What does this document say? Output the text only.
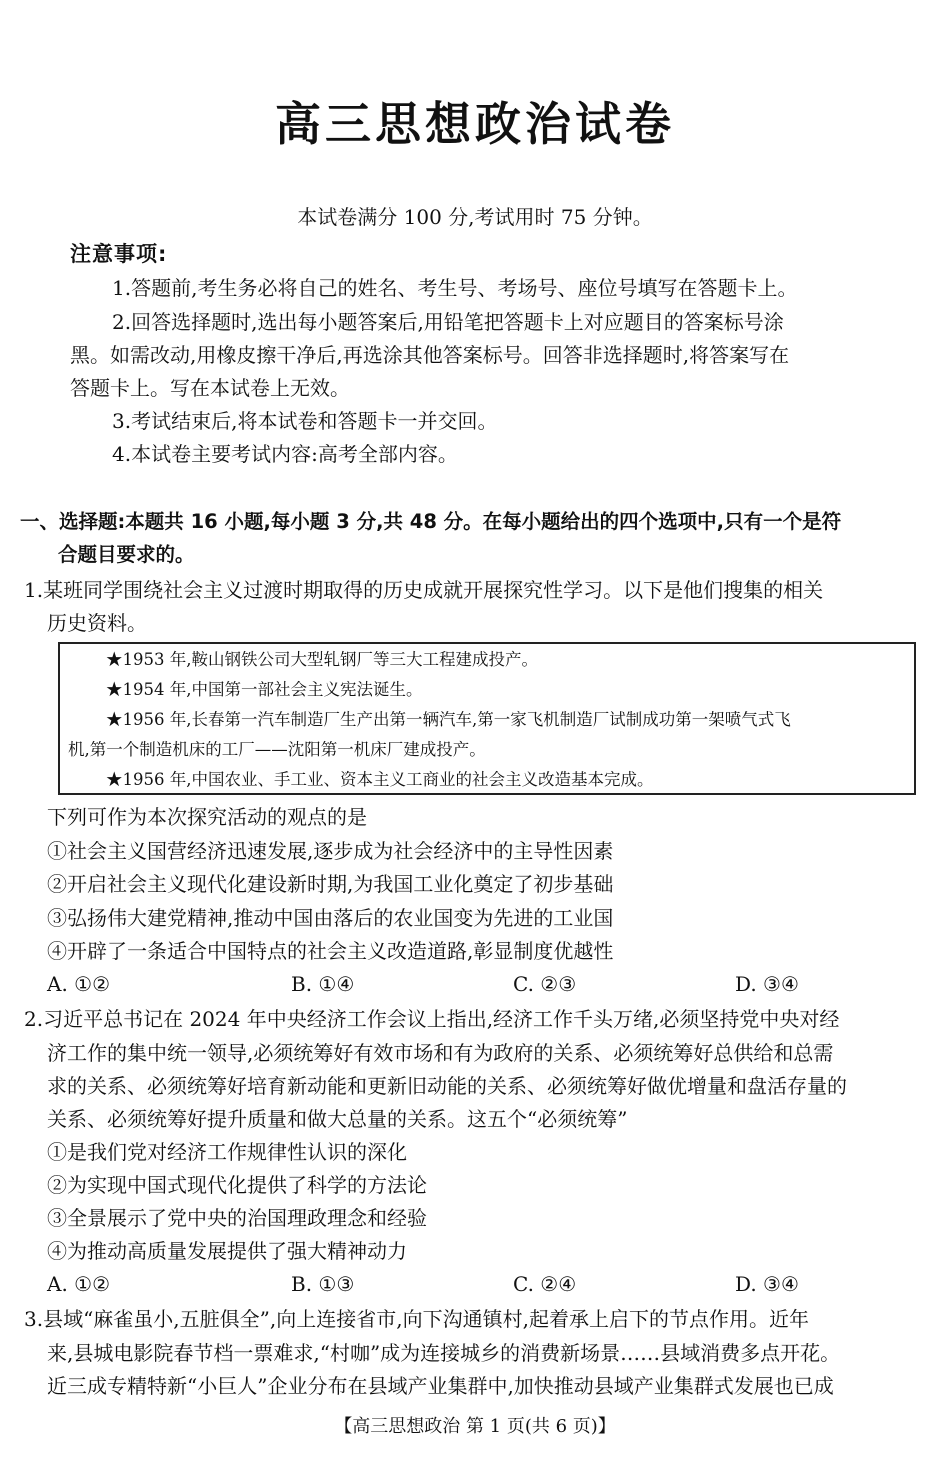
高三思想政治试卷
本试卷满分 100 分,考试用时 75 分钟。
注意事项:
1.答题前,考生务必将自己的姓名、考生号、考场号、座位号填写在答题卡上。
2.回答选择题时,选出每小题答案后,用铅笔把答题卡上对应题目的答案标号涂
黑。如需改动,用橡皮擦干净后,再选涂其他答案标号。回答非选择题时,将答案写在
答题卡上。写在本试卷上无效。
3.考试结束后,将本试卷和答题卡一并交回。
4.本试卷主要考试内容:高考全部内容。
一、选择题:本题共 16 小题,每小题 3 分,共 48 分。在每小题给出的四个选项中,只有一个是符
合题目要求的。
1.某班同学围绕社会主义过渡时期取得的历史成就开展探究性学习。以下是他们搜集的相关
历史资料。
★1953 年,鞍山钢铁公司大型轧钢厂等三大工程建成投产。
★1954 年,中国第一部社会主义宪法诞生。
★1956 年,长春第一汽车制造厂生产出第一辆汽车,第一家飞机制造厂试制成功第一架喷气式飞
机,第一个制造机床的工厂——沈阳第一机床厂建成投产。
★1956 年,中国农业、手工业、资本主义工商业的社会主义改造基本完成。
下列可作为本次探究活动的观点的是
①社会主义国营经济迅速发展,逐步成为社会经济中的主导性因素
②开启社会主义现代化建设新时期,为我国工业化奠定了初步基础
③弘扬伟大建党精神,推动中国由落后的农业国变为先进的工业国
④开辟了一条适合中国特点的社会主义改造道路,彰显制度优越性
A. ①②	B. ①④	C. ②③	D. ③④
2.习近平总书记在 2024 年中央经济工作会议上指出,经济工作千头万绪,必须坚持党中央对经
济工作的集中统一领导,必须统筹好有效市场和有为政府的关系、必须统筹好总供给和总需
求的关系、必须统筹好培育新动能和更新旧动能的关系、必须统筹好做优增量和盘活存量的
关系、必须统筹好提升质量和做大总量的关系。这五个“必须统筹”
①是我们党对经济工作规律性认识的深化
②为实现中国式现代化提供了科学的方法论
③全景展示了党中央的治国理政理念和经验
④为推动高质量发展提供了强大精神动力
A. ①②	B. ①③	C. ②④	D. ③④
3.县域“麻雀虽小,五脏俱全”,向上连接省市,向下沟通镇村,起着承上启下的节点作用。近年
来,县城电影院春节档一票难求,“村咖”成为连接城乡的消费新场景……县域消费多点开花。
近三成专精特新“小巨人”企业分布在县域产业集群中,加快推动县域产业集群式发展也已成
【高三思想政治 第 1 页(共 6 页)】
